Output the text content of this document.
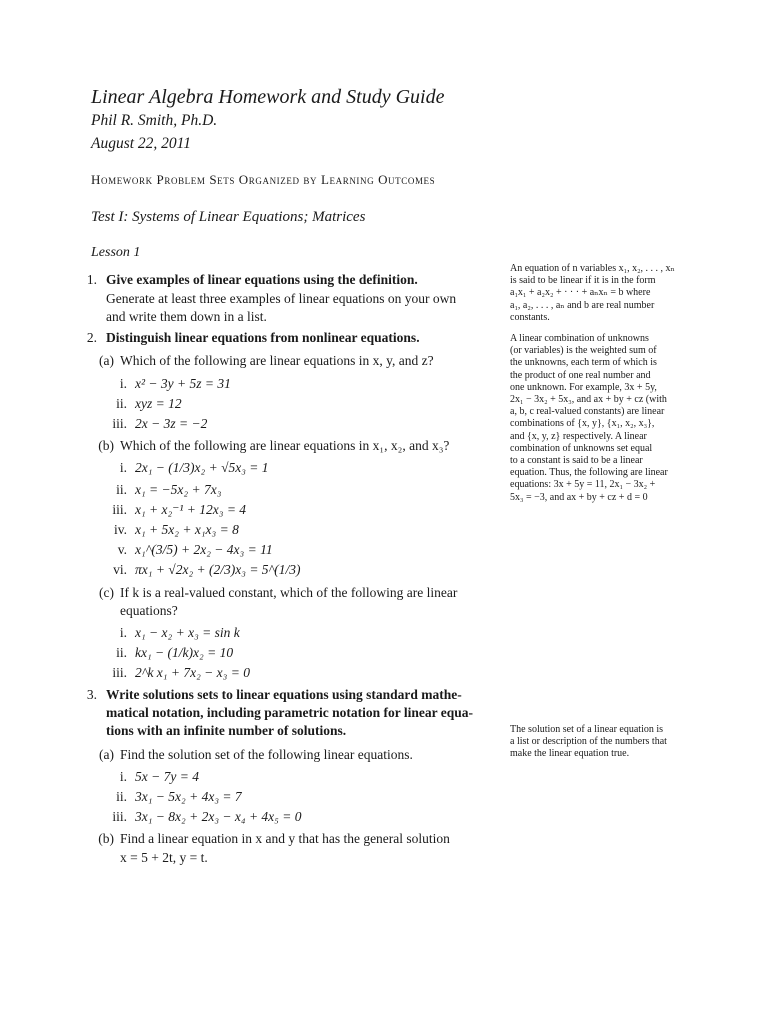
Linear Algebra Homework and Study Guide
Phil R. Smith, Ph.D.
August 22, 2011
Homework Problem Sets Organized by Learning Outcomes
Test I: Systems of Linear Equations; Matrices
Lesson 1
1. Give examples of linear equations using the definition.
Generate at least three examples of linear equations on your own
and write them down in a list.
2. Distinguish linear equations from nonlinear equations.
(a) Which of the following are linear equations in x, y, and z?
i. x² − 3y + 5z = 31
ii. xyz = 12
iii. 2x − 3z = −2
(b) Which of the following are linear equations in x₁, x₂, and x₃?
i. 2x₁ − (1/3)x₂ + √5x₃ = 1
ii. x₁ = −5x₂ + 7x₃
iii. x₁ + x₂⁻¹ + 12x₃ = 4
iv. x₁ + 5x₂ + x₁x₃ = 8
v. x₁^(3/5) + 2x₂ − 4x₃ = 11
vi. πx₁ + √2x₂ + (2/3)x₃ = 5^(1/3)
(c) If k is a real-valued constant, which of the following are linear
equations?
i. x₁ − x₂ + x₃ = sin k
ii. kx₁ − (1/k)x₂ = 10
iii. 2^k x₁ + 7x₂ − x₃ = 0
3. Write solutions sets to linear equations using standard mathe-
matical notation, including parametric notation for linear equa-
tions with an infinite number of solutions.
(a) Find the solution set of the following linear equations.
i. 5x − 7y = 4
ii. 3x₁ − 5x₂ + 4x₃ = 7
iii. 3x₁ − 8x₂ + 2x₃ − x₄ + 4x₅ = 0
(b) Find a linear equation in x and y that has the general solution
x = 5 + 2t, y = t.
An equation of n variables x₁, x₂, . . . , xₙ
is said to be linear if it is in the form
a₁x₁ + a₂x₂ + · · · + aₙxₙ = b where
a₁, a₂, . . . , aₙ and b are real number
constants.
A linear combination of unknowns
(or variables) is the weighted sum of
the unknowns, each term of which is
the product of one real number and
one unknown. For example, 3x + 5y,
2x₁ − 3x₂ + 5x₃, and ax + by + cz (with
a, b, c real-valued constants) are linear
combinations of {x, y}, {x₁, x₂, x₃},
and {x, y, z} respectively. A linear
combination of unknowns set equal
to a constant is said to be a linear
equation. Thus, the following are linear
equations: 3x + 5y = 11, 2x₁ − 3x₂ +
5x₃ = −3, and ax + by + cz + d = 0
The solution set of a linear equation is
a list or description of the numbers that
make the linear equation true.
